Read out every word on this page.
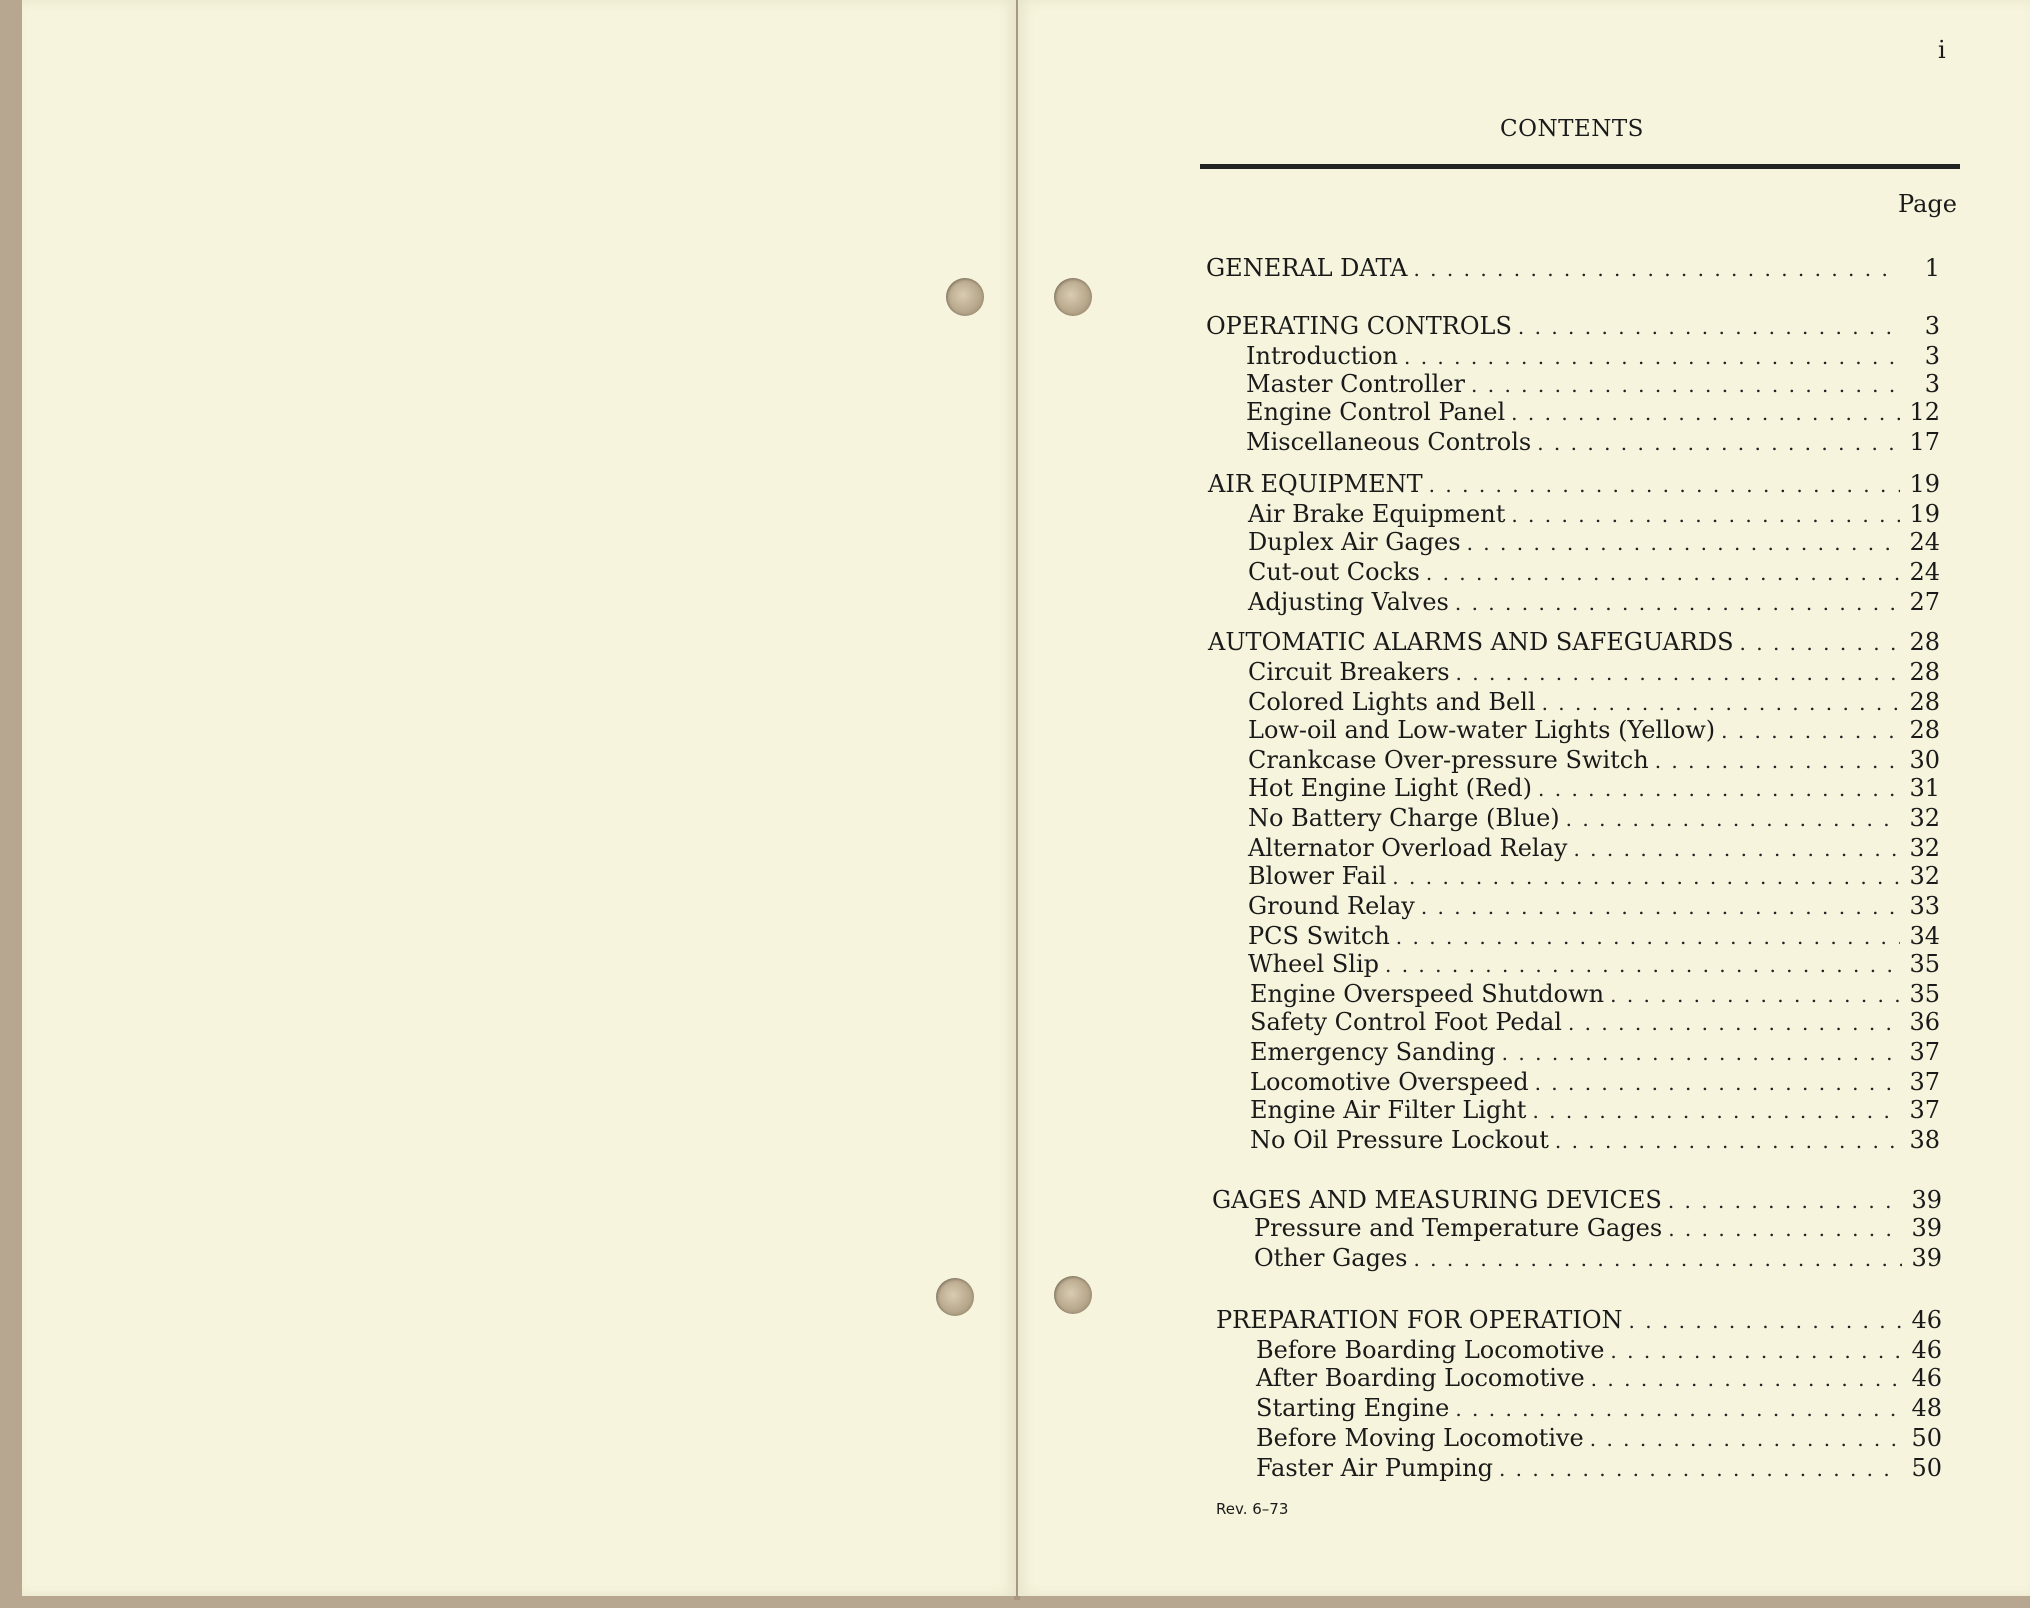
i
CONTENTS
Page
GENERAL DATA . . .	1
OPERATING CONTROLS . . .	3
Introduction . . .	3
Master Controller . . .	3
Engine Control Panel . . .	12
Miscellaneous Controls . . .	17
AIR EQUIPMENT . . .	19
Air Brake Equipment . . .	19
Duplex Air Gages . . .	24
Cut-out Cocks . . .	24
Adjusting Valves . . .	27
AUTOMATIC ALARMS AND SAFEGUARDS . . .	28
Circuit Breakers . . .	28
Colored Lights and Bell . . .	28
Low-oil and Low-water Lights (Yellow) . . .	28
Crankcase Over-pressure Switch . . .	30
Hot Engine Light (Red) . . .	31
No Battery Charge (Blue) . . .	32
Alternator Overload Relay . . .	32
Blower Fail . . .	32
Ground Relay . . .	33
PCS Switch . . .	34
Wheel Slip . . .	35
Engine Overspeed Shutdown . . .	35
Safety Control Foot Pedal . . .	36
Emergency Sanding . . .	37
Locomotive Overspeed . . .	37
Engine Air Filter Light . . .	37
No Oil Pressure Lockout . . .	38
GAGES AND MEASURING DEVICES . . .	39
Pressure and Temperature Gages . . .	39
Other Gages . . .	39
PREPARATION FOR OPERATION . . .	46
Before Boarding Locomotive . . .	46
After Boarding Locomotive . . .	46
Starting Engine . . .	48
Before Moving Locomotive . . .	50
Faster Air Pumping . . .	50
Rev. 6–73
